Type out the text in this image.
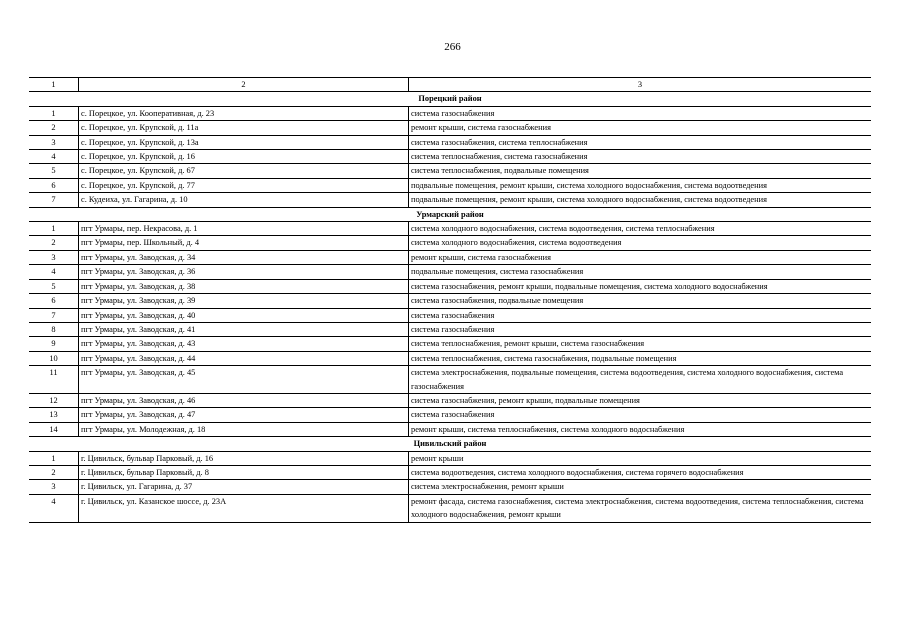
266
1	2	3
Порецкий район		
1	с. Порецкое, ул. Кооперативная, д. 23	система газоснабжения
2	с. Порецкое, ул. Крупской, д. 11а	ремонт крыши, система газоснабжения
3	с. Порецкое, ул. Крупской, д. 13а	система газоснабжения, система теплоснабжения
4	с. Порецкое, ул. Крупской, д. 16	система теплоснабжения, система газоснабжения
5	с. Порецкое, ул. Крупской, д. 67	система теплоснабжения, подвальные помещения
6	с. Порецкое, ул. Крупской, д. 77	подвальные помещения, ремонт крыши, система холодного водоснабжения, система водоотведения
7	с. Кудеиха, ул. Гагарина, д. 10	подвальные помещения, ремонт крыши, система холодного водоснабжения, система водоотведения
Урмарский район		
1	пгт Урмары, пер. Некрасова, д. 1	система холодного водоснабжения, система водоотведения, система теплоснабжения
2	пгт Урмары, пер. Школьный, д. 4	система холодного водоснабжения, система водоотведения
3	пгт Урмары, ул. Заводская, д. 34	ремонт крыши, система газоснабжения
4	пгт Урмары, ул. Заводская, д. 36	подвальные помещения, система газоснабжения
5	пгт Урмары, ул. Заводская, д. 38	система газоснабжения, ремонт крыши, подвальные помещения, система холодного водоснабжения
6	пгт Урмары, ул. Заводская, д. 39	система газоснабжения, подвальные помещения
7	пгт Урмары, ул. Заводская, д. 40	система газоснабжения
8	пгт Урмары, ул. Заводская, д. 41	система газоснабжения
9	пгт Урмары, ул. Заводская, д. 43	система теплоснабжения, ремонт крыши, система газоснабжения
10	пгт Урмары, ул. Заводская, д. 44	система теплоснабжения, система газоснабжения, подвальные помещения
11	пгт Урмары, ул. Заводская, д. 45	система электроснабжения, подвальные помещения, система водоотведения, система холодного водоснабжения, система газоснабжения
12	пгт Урмары, ул. Заводская, д. 46	система газоснабжения, ремонт крыши, подвальные помещения
13	пгт Урмары, ул. Заводская, д. 47	система газоснабжения
14	пгт Урмары, ул. Молодежная, д. 18	ремонт крыши, система теплоснабжения, система холодного водоснабжения
Цивильский район		
1	г. Цивильск, бульвар Парковый, д. 16	ремонт крыши
2	г. Цивильск, бульвар Парковый, д. 8	система водоотведения, система холодного водоснабжения, система горячего водоснабжения
3	г. Цивильск, ул. Гагарина, д. 37	система электроснабжения, ремонт крыши
4	г. Цивильск, ул. Казанское шоссе, д. 23А	ремонт фасада, система газоснабжения, система электроснабжения, система водоотведения, система теплоснабжения, система холодного водоснабжения, ремонт крыши
